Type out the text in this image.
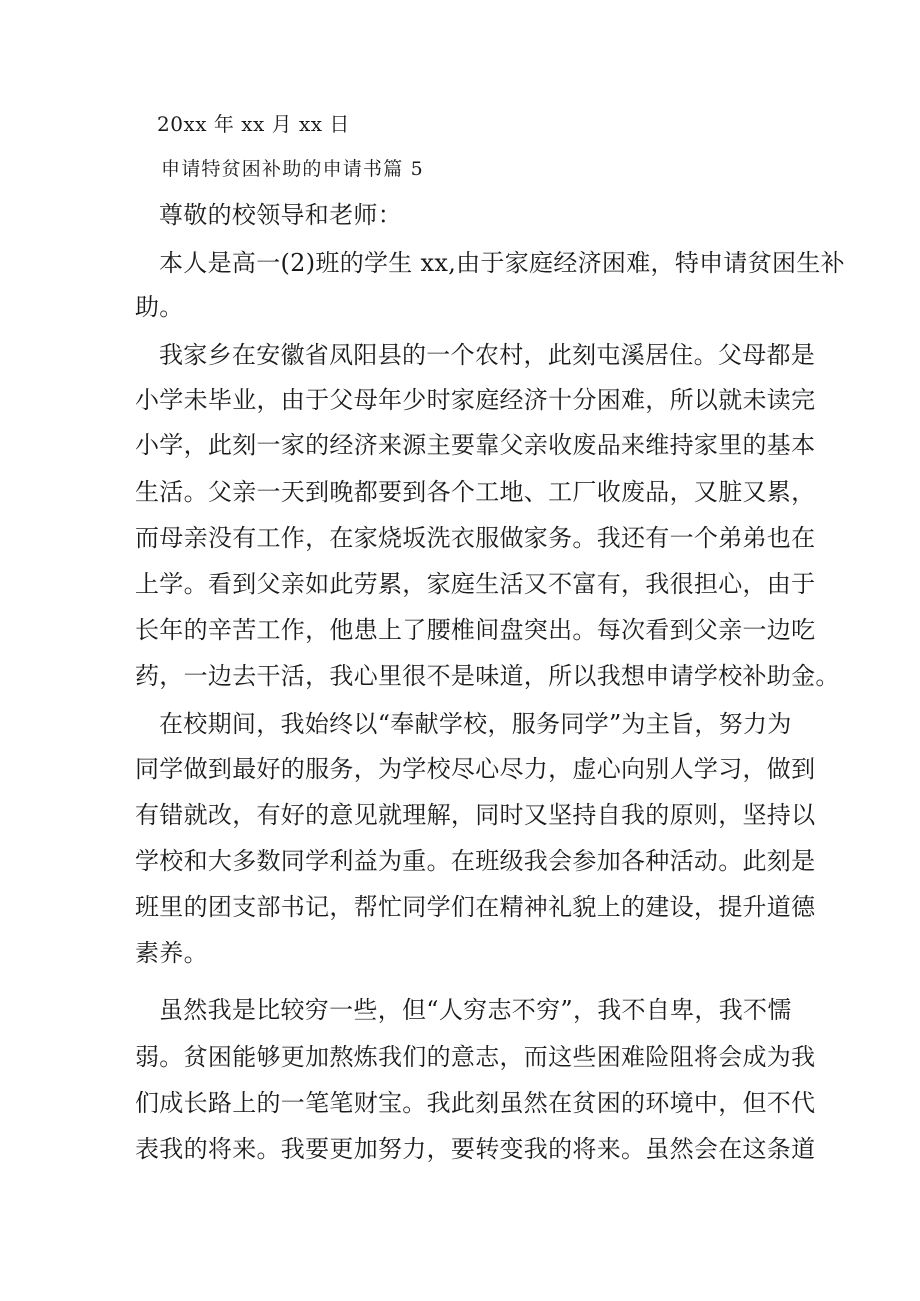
20xx 年 xx 月 xx 日
申请特贫困补助的申请书篇 5
尊敬的校领导和老师：
本人是高一(2)班的学生 xx,由于家庭经济困难，特申请贫困生补
助。
我家乡在安徽省凤阳县的一个农村，此刻屯溪居住。父母都是
小学未毕业，由于父母年少时家庭经济十分困难，所以就未读完
小学，此刻一家的经济来源主要靠父亲收废品来维持家里的基本
生活。父亲一天到晚都要到各个工地、工厂收废品，又脏又累，
而母亲没有工作，在家烧坂洗衣服做家务。我还有一个弟弟也在
上学。看到父亲如此劳累，家庭生活又不富有，我很担心，由于
长年的辛苦工作，他患上了腰椎间盘突出。每次看到父亲一边吃
药，一边去干活，我心里很不是味道，所以我想申请学校补助金。
在校期间，我始终以“奉献学校，服务同学”为主旨，努力为
同学做到最好的服务，为学校尽心尽力，虚心向别人学习，做到
有错就改，有好的意见就理解，同时又坚持自我的原则，坚持以
学校和大多数同学利益为重。在班级我会参加各种活动。此刻是
班里的团支部书记，帮忙同学们在精神礼貌上的建设，提升道德
素养。
虽然我是比较穷一些，但“人穷志不穷”，我不自卑，我不懦
弱。贫困能够更加熬炼我们的意志，而这些困难险阻将会成为我
们成长路上的一笔笔财宝。我此刻虽然在贫困的环境中，但不代
表我的将来。我要更加努力，要转变我的将来。虽然会在这条道
